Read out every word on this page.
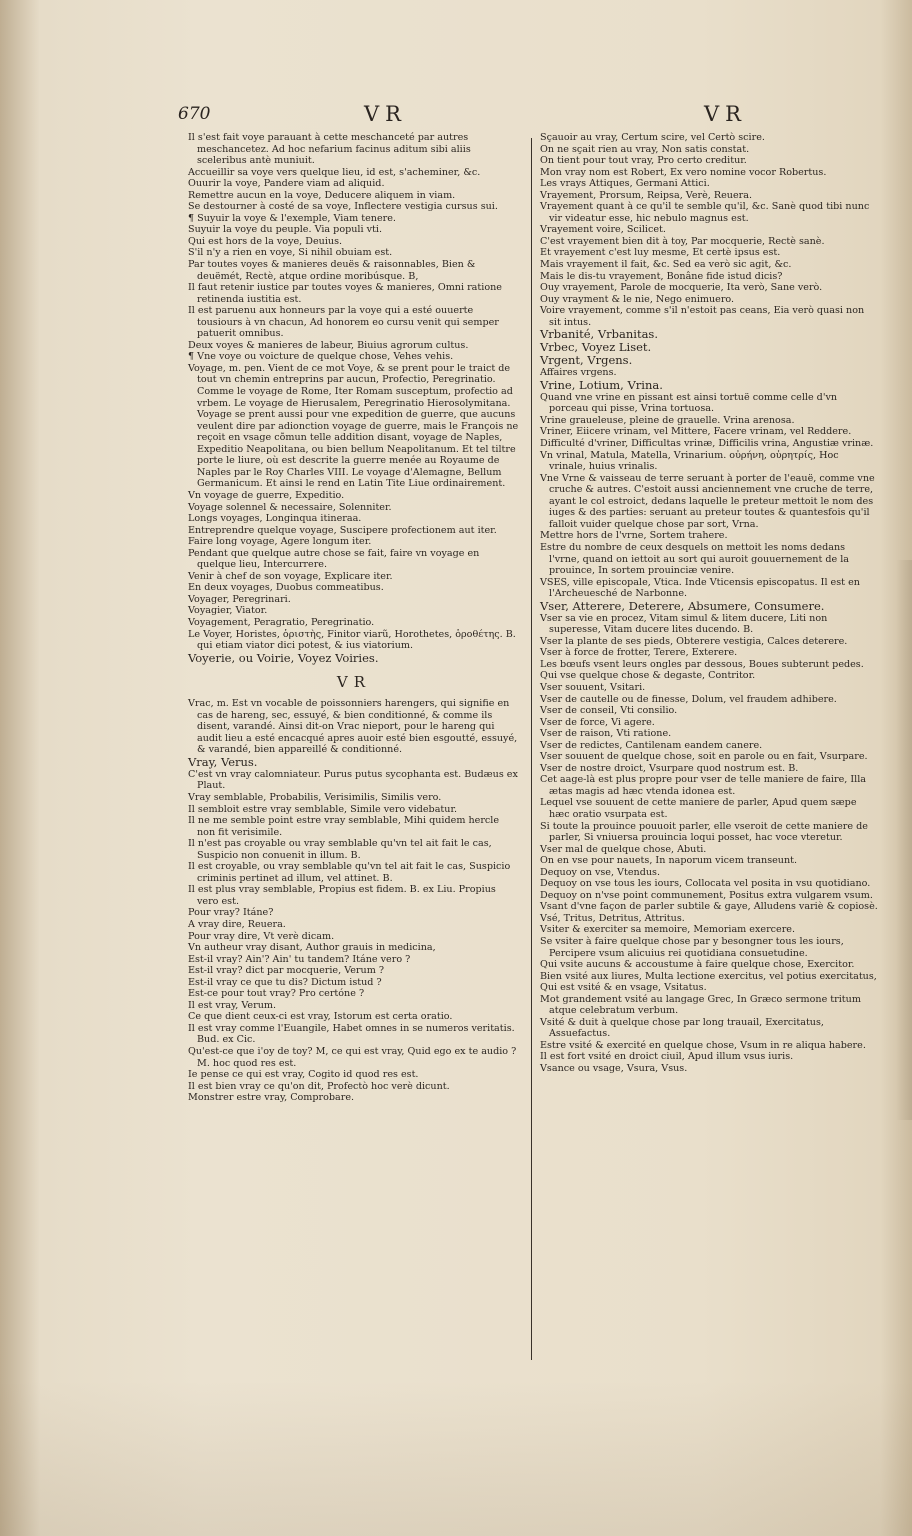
670	VR	VR

Il s'est fait voye parauant à cette meschanceté par autres meschancetez. Ad hoc nefarium facinus aditum sibi aliis sceleribus antè muniuit.

Accueillir sa voye vers quelque lieu, id est, s'acheminer, &c.

Ouurir la voye, Pandere viam ad aliquid.

Remettre aucun en la voye, Deducere aliquem in viam.

Se destourner à costé de sa voye, Inflectere vestigia cursus sui.

¶ Suyuir la voye & l'exemple, Viam tenere.

Suyuir la voye du peuple. Via populi vti.

Qui est hors de la voye, Deuius.

S'il n'y a rien en voye, Si nihil obuiam est.

Par toutes voyes & manieres deuës & raisonnables, Bien & deuëmét, Rectè, atque ordine moribúsque. B,

Il faut retenir iustice par toutes voyes & manieres, Omni ratione retinenda iustitia est.

Il est paruenu aux honneurs par la voye qui a esté ouuerte tousiours à vn chacun, Ad honorem eo cursu venit qui semper patuerit omnibus.

Deux voyes & manieres de labeur, Biuius agrorum cultus.

¶ Vne voye ou voicture de quelque chose, Vehes vehis.

Voyage, m. pen. Vient de ce mot Voye, & se prent pour le traict de tout vn chemin entreprins par aucun, Profectio, Peregrinatio. Comme le voyage de Rome, Iter Romam susceptum, profectio ad vrbem. Le voyage de Hierusalem, Peregrinatio Hierosolymitana. Voyage se prent aussi pour vne expedition de guerre, que aucuns veulent dire par adionction voyage de guerre, mais le François ne reçoit en vsage cõmun telle addition disant, voyage de Naples, Expeditio Neapolitana, ou bien bellum Neapolitanum. Et tel tiltre porte le liure, où est descrite la guerre menée au Royaume de Naples par le Roy Charles VIII. Le voyage d'Alemagne, Bellum Germanicum. Et ainsi le rend en Latin Tite Liue ordinairement.

Vn voyage de guerre, Expeditio.

Voyage solennel & necessaire, Solenniter.

Longs voyages, Longinqua itineraa.

Entreprendre quelque voyage, Suscipere profectionem aut iter.

Faire long voyage, Agere longum iter.

Pendant que quelque autre chose se fait, faire vn voyage en quelque lieu, Intercurrere.

Venir à chef de son voyage, Explicare iter.

En deux voyages, Duobus commeatibus.

Voyager, Peregrinari.

Voyagier, Viator.

Voyagement, Peragratio, Peregrinatio.

Le Voyer, Horistes, ὁριστὴς, Finitor viarũ, Horothetes, ὁροθέτης. B. qui etiam viator dici potest, & ius viatorium.

Voyerie, ou Voirie, Voyez Voiries.

VR

Vrac, m. Est vn vocable de poissonniers harengers, qui signifie en cas de hareng, sec, essuyé, & bien conditionné, & comme ils disent, varandé. Ainsi dit-on Vrac nieport, pour le hareng qui audit lieu a esté encacqué apres auoir esté bien esgoutté, essuyé, & varandé, bien appareillé & conditionné.

Vray, Verus.

C'est vn vray calomniateur. Purus putus sycophanta est. Budæus ex Plaut.

Vray semblable, Probabilis, Verisimilis, Similis vero.

Il sembloit estre vray semblable, Simile vero videbatur.

Il ne me semble point estre vray semblable, Mihi quidem hercle non fit verisimile.

Il n'est pas croyable ou vray semblable qu'vn tel ait fait le cas, Suspicio non conuenit in illum. B.

Il est croyable, ou vray semblable qu'vn tel ait fait le cas, Suspicio criminis pertinet ad illum, vel attinet. B.

Il est plus vray semblable, Propius est fidem. B. ex Liu. Propius vero est.

Pour vray? Itáne?

A vray dire, Reuera.

Pour vray dire, Vt verè dicam.

Vn autheur vray disant, Author grauis in medicina,

Est-il vray? Ain'? Ain' tu tandem? Itáne vero ?

Est-il vray? dict par mocquerie, Verum ?

Est-il vray ce que tu dis? Dictum istud ?

Est-ce pour tout vray? Pro certóne ?

Il est vray, Verum.

Ce que dient ceux-ci est vray, Istorum est certa oratio.

Il est vray comme l'Euangile, Habet omnes in se numeros veritatis. Bud. ex Cic.

Qu'est-ce que i'oy de toy? M, ce qui est vray, Quid ego ex te audio ? M. hoc quod res est.

Ie pense ce qui est vray, Cogito id quod res est.

Il est bien vray ce qu'on dit, Profectò hoc verè dicunt.

Monstrer estre vray, Comprobare.

Sçauoir au vray, Certum scire, vel Certò scire.

On ne sçait rien au vray, Non satis constat.

On tient pour tout vray, Pro certo creditur.

Mon vray nom est Robert, Ex vero nomine vocor Robertus.

Les vrays Attiques, Germani Attici.

Vrayement, Prorsum, Reipsa, Verè, Reuera.

Vrayement quant à ce qu'il te semble qu'il, &c. Sanè quod tibi nunc vir videatur esse, hic nebulo magnus est.

Vrayement voire, Scilicet.

C'est vrayement bien dit à toy, Par mocquerie, Rectè sanè.

Et vrayement c'est luy mesme, Et certè ipsus est.

Mais vrayement il fait, &c. Sed ea verò sic agit, &c.

Mais le dis-tu vrayement, Bonâne fide istud dicis?

Ouy vrayement, Parole de mocquerie, Ita verò, Sane verò.

Ouy vrayment & le nie, Nego enimuero.

Voire vrayement, comme s'il n'estoit pas ceans, Eia verò quasi non sit intus.

Vrbanité, Vrbanitas.

Vrbec, Voyez Liset.

Vrgent, Vrgens.

Affaires vrgens.

Vrine, Lotium, Vrina.

Quand vne vrine en pissant est ainsi tortuë comme celle d'vn porceau qui pisse, Vrina tortuosa.

Vrine graueleuse, pleine de grauelle. Vrina arenosa.

Vriner, Eiicere vrinam, vel Mittere, Facere vrinam, vel Reddere.

Difficulté d'vriner, Difficultas vrinæ, Difficilis vrina, Angustiæ vrinæ.

Vn vrinal, Matula, Matella, Vrinarium. οὐρήνη, οὐρητρίς, Hoc vrinale, huius vrinalis.

Vne Vrne & vaisseau de terre seruant à porter de l'eauë, comme vne cruche & autres. C'estoit aussi anciennement vne cruche de terre, ayant le col estroict, dedans laquelle le preteur mettoit le nom des iuges & des parties: seruant au preteur toutes & quantesfois qu'il falloit vuider quelque chose par sort, Vrna.

Mettre hors de l'vrne, Sortem trahere.

Estre du nombre de ceux desquels on mettoit les noms dedans l'vrne, quand on iettoit au sort qui auroit gouuernement de la prouince, In sortem prouinciæ venire.

VSES, ville episcopale, Vtica. Inde Vticensis episcopatus. Il est en l'Archeuesché de Narbonne.

Vser, Atterere, Deterere, Absumere, Consumere.

Vser sa vie en procez, Vitam simul & litem ducere, Liti non superesse, Vitam ducere lites ducendo. B.

Vser la plante de ses pieds, Obterere vestigia, Calces deterere.

Vser à force de frotter, Terere, Exterere.

Les bœufs vsent leurs ongles par dessous, Boues subterunt pedes.

Qui vse quelque chose & degaste, Contritor.

Vser souuent, Vsitari.

Vser de cautelle ou de finesse, Dolum, vel fraudem adhibere.

Vser de conseil, Vti consilio.

Vser de force, Vi agere.

Vser de raison, Vti ratione.

Vser de redictes, Cantilenam eandem canere.

Vser souuent de quelque chose, soit en parole ou en fait, Vsurpare.

Vser de nostre droict, Vsurpare quod nostrum est. B.

Cet aage-là est plus propre pour vser de telle maniere de faire, Illa ætas magis ad hæc vtenda idonea est.

Lequel vse souuent de cette maniere de parler, Apud quem sæpe hæc oratio vsurpata est.

Si toute la prouince pouuoit parler, elle vseroit de cette maniere de parler, Si vniuersa prouincia loqui posset, hac voce vteretur.

Vser mal de quelque chose, Abuti.

On en vse pour nauets, In naporum vicem transeunt.

Dequoy on vse, Vtendus.

Dequoy on vse tous les iours, Collocata vel posita in vsu quotidiano.

Dequoy on n'vse point communement, Positus extra vulgarem vsum.

Vsant d'vne façon de parler subtile & gaye, Alludens variè & copiosè.

Vsé, Tritus, Detritus, Attritus.

Vsiter & exerciter sa memoire, Memoriam exercere.

Se vsiter à faire quelque chose par y besongner tous les iours, Percipere vsum alicuius rei quotidiana consuetudine.

Qui vsite aucuns & accoustume à faire quelque chose, Exercitor.

Bien vsité aux liures, Multa lectione exercitus, vel potius exercitatus,

Qui est vsité & en vsage, Vsitatus.

Mot grandement vsité au langage Grec, In Græco sermone tritum atque celebratum verbum.

Vsité & duit à quelque chose par long trauail, Exercitatus, Assuefactus.

Estre vsité & exercité en quelque chose, Vsum in re aliqua habere.

Il est fort vsité en droict ciuil, Apud illum vsus iuris.

Vsance ou vsage, Vsura, Vsus.
